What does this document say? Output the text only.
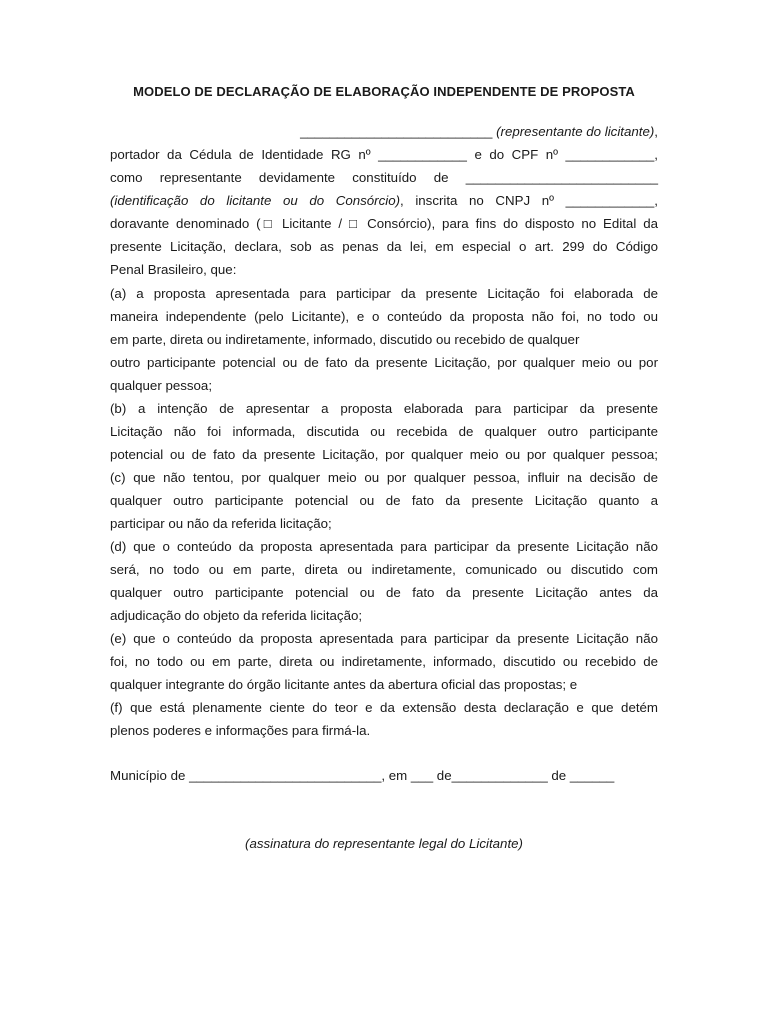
MODELO DE DECLARAÇÃO DE ELABORAÇÃO INDEPENDENTE DE PROPOSTA
__________________________ (representante do licitante),
portador da Cédula de Identidade RG nº ____________ e do CPF nº ____________,
como representante devidamente constituído de __________________________
(identificação do licitante ou do Consórcio), inscrita no CNPJ nº ____________,
doravante denominado (□ Licitante / □ Consórcio), para fins do disposto no Edital da
presente Licitação, declara, sob as penas da lei, em especial o art. 299 do Código
Penal Brasileiro, que:
(a) a proposta apresentada para participar da presente Licitação foi elaborada de
maneira independente (pelo Licitante), e o conteúdo da proposta não foi, no todo ou
em parte, direta ou indiretamente, informado, discutido ou recebido de qualquer
outro participante potencial ou de fato da presente Licitação, por qualquer meio ou por
qualquer pessoa;
(b) a intenção de apresentar a proposta elaborada para participar da presente
Licitação não foi informada, discutida ou recebida de qualquer outro participante
potencial ou de fato da presente Licitação, por qualquer meio ou por qualquer pessoa;
(c) que não tentou, por qualquer meio ou por qualquer pessoa, influir na decisão de
qualquer outro participante potencial ou de fato da presente Licitação quanto a
participar ou não da referida licitação;
(d) que o conteúdo da proposta apresentada para participar da presente Licitação não
será, no todo ou em parte, direta ou indiretamente, comunicado ou discutido com
qualquer outro participante potencial ou de fato da presente Licitação antes da
adjudicação do objeto da referida licitação;
(e) que o conteúdo da proposta apresentada para participar da presente Licitação não
foi, no todo ou em parte, direta ou indiretamente, informado, discutido ou recebido de
qualquer integrante do órgão licitante antes da abertura oficial das propostas; e
(f) que está plenamente ciente do teor e da extensão desta declaração e que detém
plenos poderes e informações para firmá-la.
Município de __________________________, em ___ de_____________ de ______
(assinatura do representante legal do Licitante)
